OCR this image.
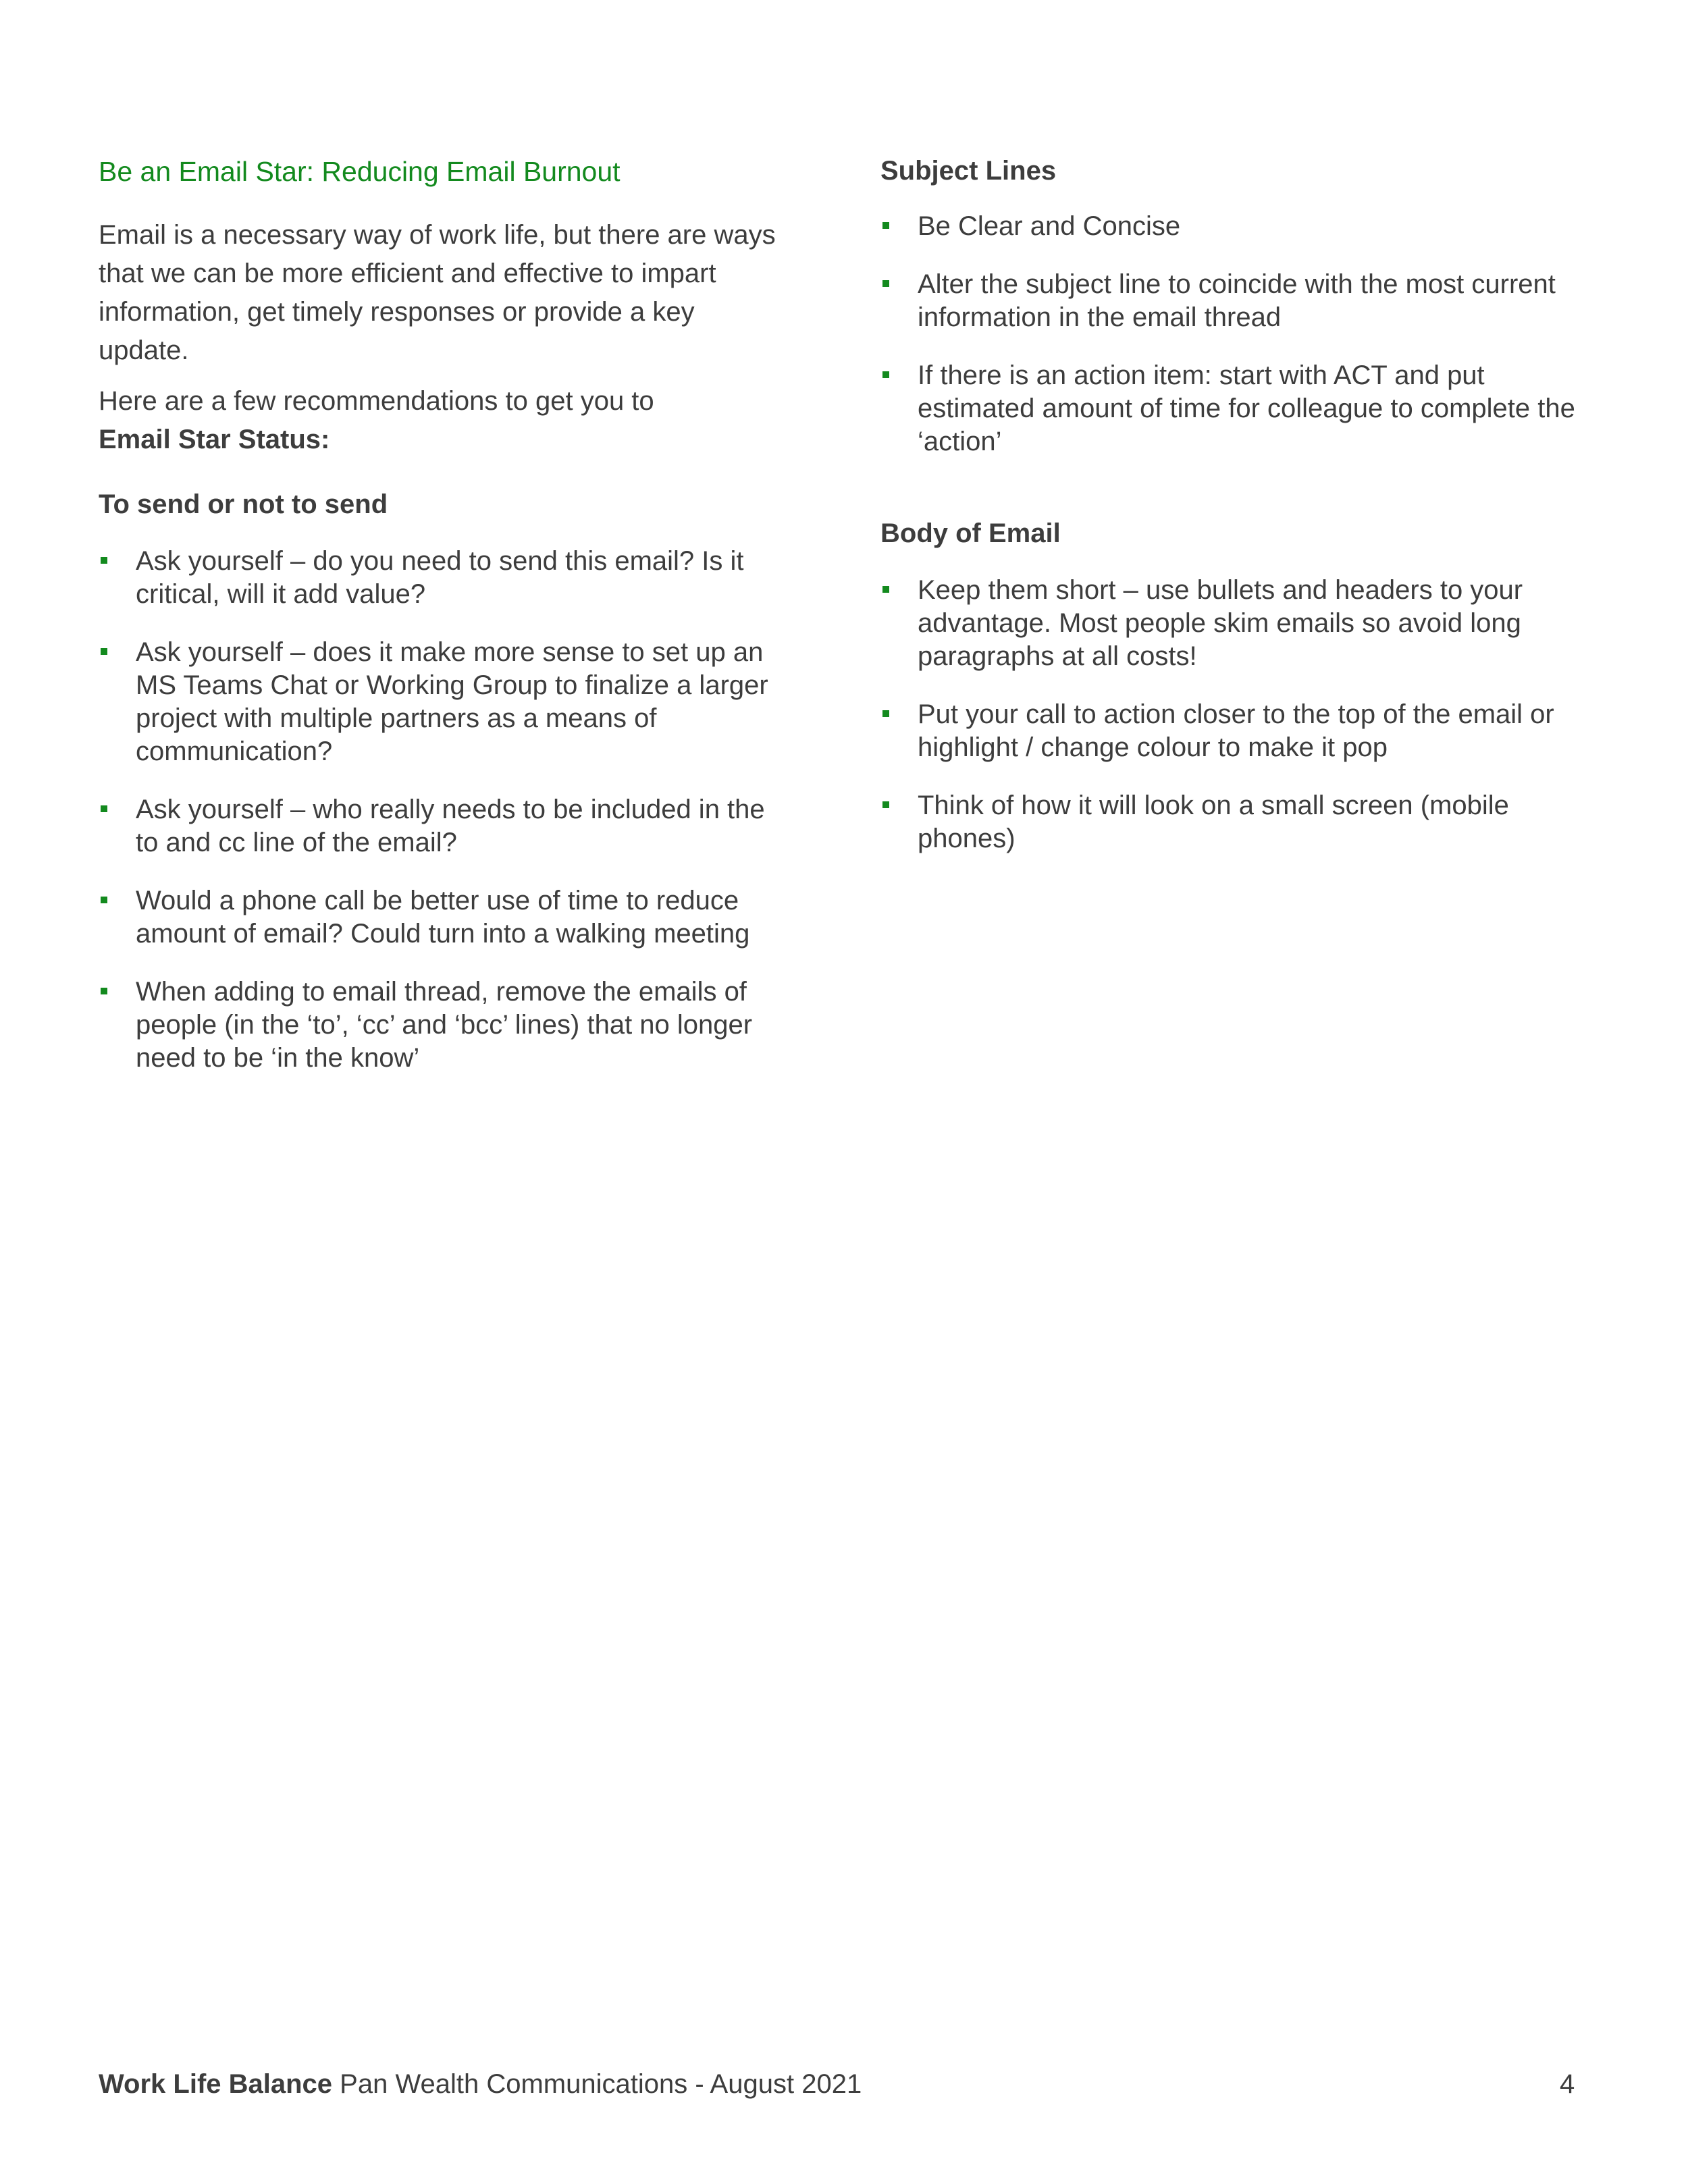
Be an Email Star: Reducing Email Burnout

Email is a necessary way of work life, but there are ways that we can be more efficient and effective to impart information, get timely responses or provide a key update.

Here are a few recommendations to get you to
Email Star Status:

To send or not to send
Ask yourself – do you need to send this email? Is it critical, will it add value?
Ask yourself – does it make more sense to set up an MS Teams Chat or Working Group to finalize a larger project with multiple partners as a means of communication?
Ask yourself – who really needs to be included in the to and cc line of the email?
Would a phone call be better use of time to reduce amount of email? Could turn into a walking meeting
When adding to email thread, remove the emails of people (in the ‘to’, ‘cc’ and ‘bcc’ lines) that no longer need to be ‘in the know’
Subject Lines
Be Clear and Concise
Alter the subject line to coincide with the most current information in the email thread
If there is an action item: start with ACT and put estimated amount of time for colleague to complete the ‘action’
Body of Email
Keep them short – use bullets and headers to your advantage. Most people skim emails so avoid long paragraphs at all costs!
Put your call to action closer to the top of the email or highlight / change colour to make it pop
Think of how it will look on a small screen (mobile phones)
Work Life Balance Pan Wealth Communications - August 2021	4
